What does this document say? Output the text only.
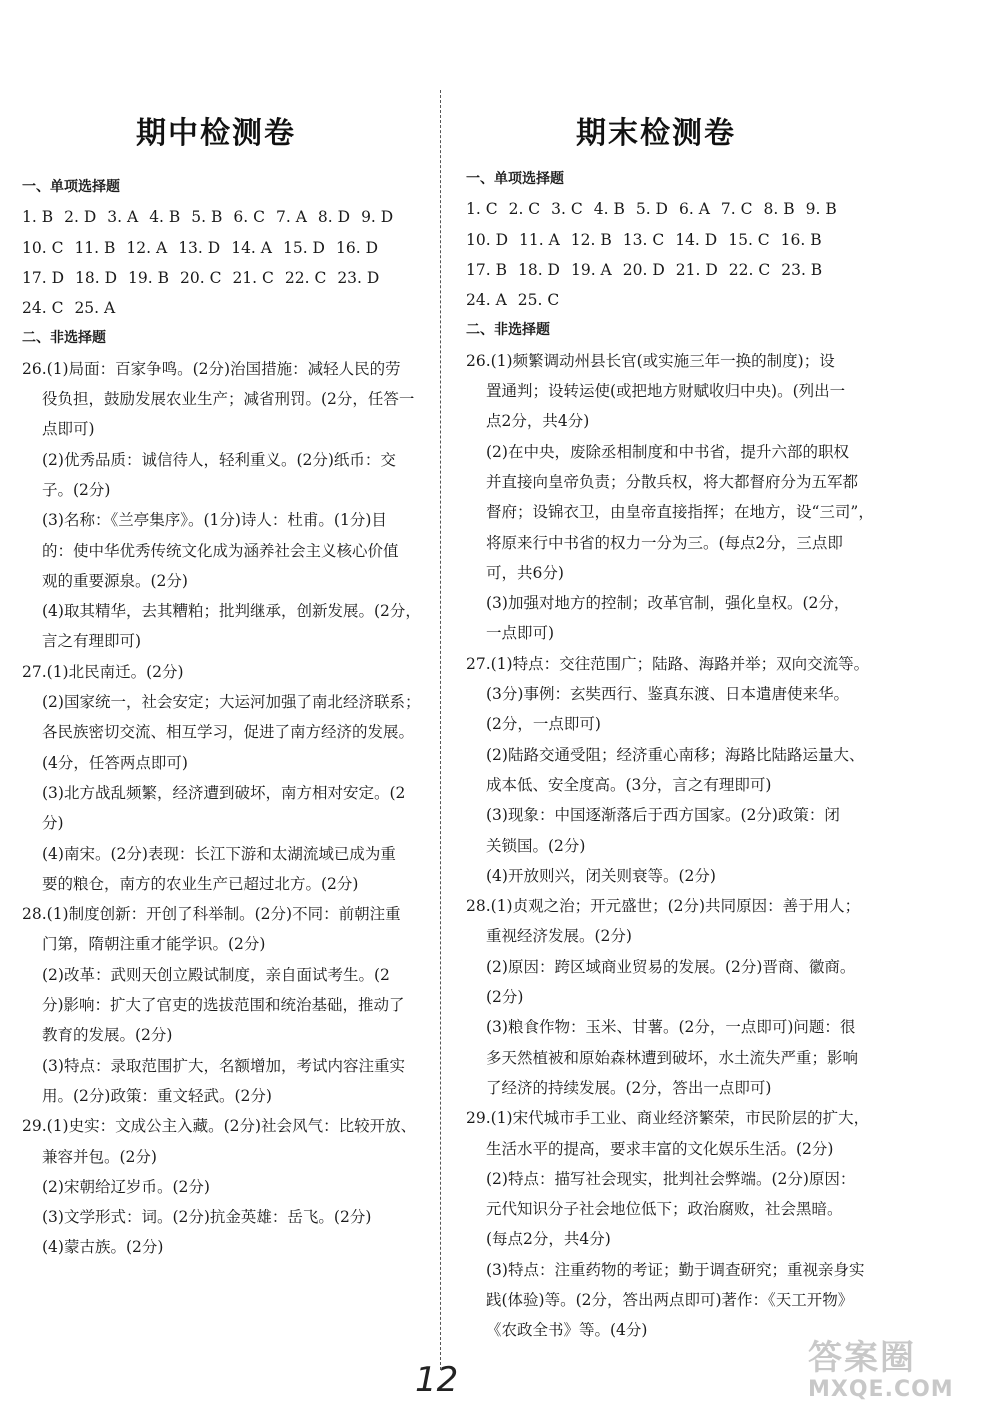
期中检测卷	期末检测卷
一、单项选择题
1. B 2. D 3. A 4. B 5. B 6. C 7. A 8. D 9. D
10. C 11. B 12. A 13. D 14. A 15. D 16. D
17. D 18. D 19. B 20. C 21. C 22. C 23. D
24. C 25. A
二、非选择题
26.(1)局面：百家争鸣。(2分)治国措施：减轻人民的劳
役负担，鼓励发展农业生产；减省刑罚。(2分，任答一
点即可)
(2)优秀品质：诚信待人，轻利重义。(2分)纸币：交
子。(2分)
(3)名称：《兰亭集序》。(1分)诗人：杜甫。(1分)目
的：使中华优秀传统文化成为涵养社会主义核心价值
观的重要源泉。(2分)
(4)取其精华，去其糟粕；批判继承，创新发展。(2分，
言之有理即可)
27.(1)北民南迁。(2分)
(2)国家统一，社会安定；大运河加强了南北经济联系；
各民族密切交流、相互学习，促进了南方经济的发展。
(4分，任答两点即可)
(3)北方战乱频繁，经济遭到破坏，南方相对安定。(2
分)
(4)南宋。(2分)表现：长江下游和太湖流域已成为重
要的粮仓，南方的农业生产已超过北方。(2分)
28.(1)制度创新：开创了科举制。(2分)不同：前朝注重
门第，隋朝注重才能学识。(2分)
(2)改革：武则天创立殿试制度，亲自面试考生。(2
分)影响：扩大了官吏的选拔范围和统治基础，推动了
教育的发展。(2分)
(3)特点：录取范围扩大，名额增加，考试内容注重实
用。(2分)政策：重文轻武。(2分)
29.(1)史实：文成公主入藏。(2分)社会风气：比较开放、
兼容并包。(2分)
(2)宋朝给辽岁币。(2分)
(3)文学形式：词。(2分)抗金英雄：岳飞。(2分)
(4)蒙古族。(2分)
一、单项选择题
1. C 2. C 3. C 4. B 5. D 6. A 7. C 8. B 9. B
10. D 11. A 12. B 13. C 14. D 15. C 16. B
17. B 18. D 19. A 20. D 21. D 22. C 23. B
24. A 25. C
二、非选择题
26.(1)频繁调动州县长官(或实施三年一换的制度)；设
置通判；设转运使(或把地方财赋收归中央)。(列出一
点2分，共4分)
(2)在中央，废除丞相制度和中书省，提升六部的职权
并直接向皇帝负责；分散兵权，将大都督府分为五军都
督府；设锦衣卫，由皇帝直接指挥；在地方，设“三司”，
将原来行中书省的权力一分为三。(每点2分，三点即
可，共6分)
(3)加强对地方的控制；改革官制，强化皇权。(2分，
一点即可)
27.(1)特点：交往范围广；陆路、海路并举；双向交流等。
(3分)事例：玄奘西行、鉴真东渡、日本遣唐使来华。
(2分，一点即可)
(2)陆路交通受阻；经济重心南移；海路比陆路运量大、
成本低、安全度高。(3分，言之有理即可)
(3)现象：中国逐渐落后于西方国家。(2分)政策：闭
关锁国。(2分)
(4)开放则兴，闭关则衰等。(2分)
28.(1)贞观之治；开元盛世；(2分)共同原因：善于用人；
重视经济发展。(2分)
(2)原因：跨区域商业贸易的发展。(2分)晋商、徽商。
(2分)
(3)粮食作物：玉米、甘薯。(2分，一点即可)问题：很
多天然植被和原始森林遭到破坏，水土流失严重；影响
了经济的持续发展。(2分，答出一点即可)
29.(1)宋代城市手工业、商业经济繁荣，市民阶层的扩大，
生活水平的提高，要求丰富的文化娱乐生活。(2分)
(2)特点：描写社会现实，批判社会弊端。(2分)原因：
元代知识分子社会地位低下；政治腐败，社会黑暗。
(每点2分，共4分)
(3)特点：注重药物的考证；勤于调查研究；重视亲身实
践(体验)等。(2分，答出两点即可)著作：《天工开物》
《农政全书》等。(4分)
12
答案圈
MXQE.COM
